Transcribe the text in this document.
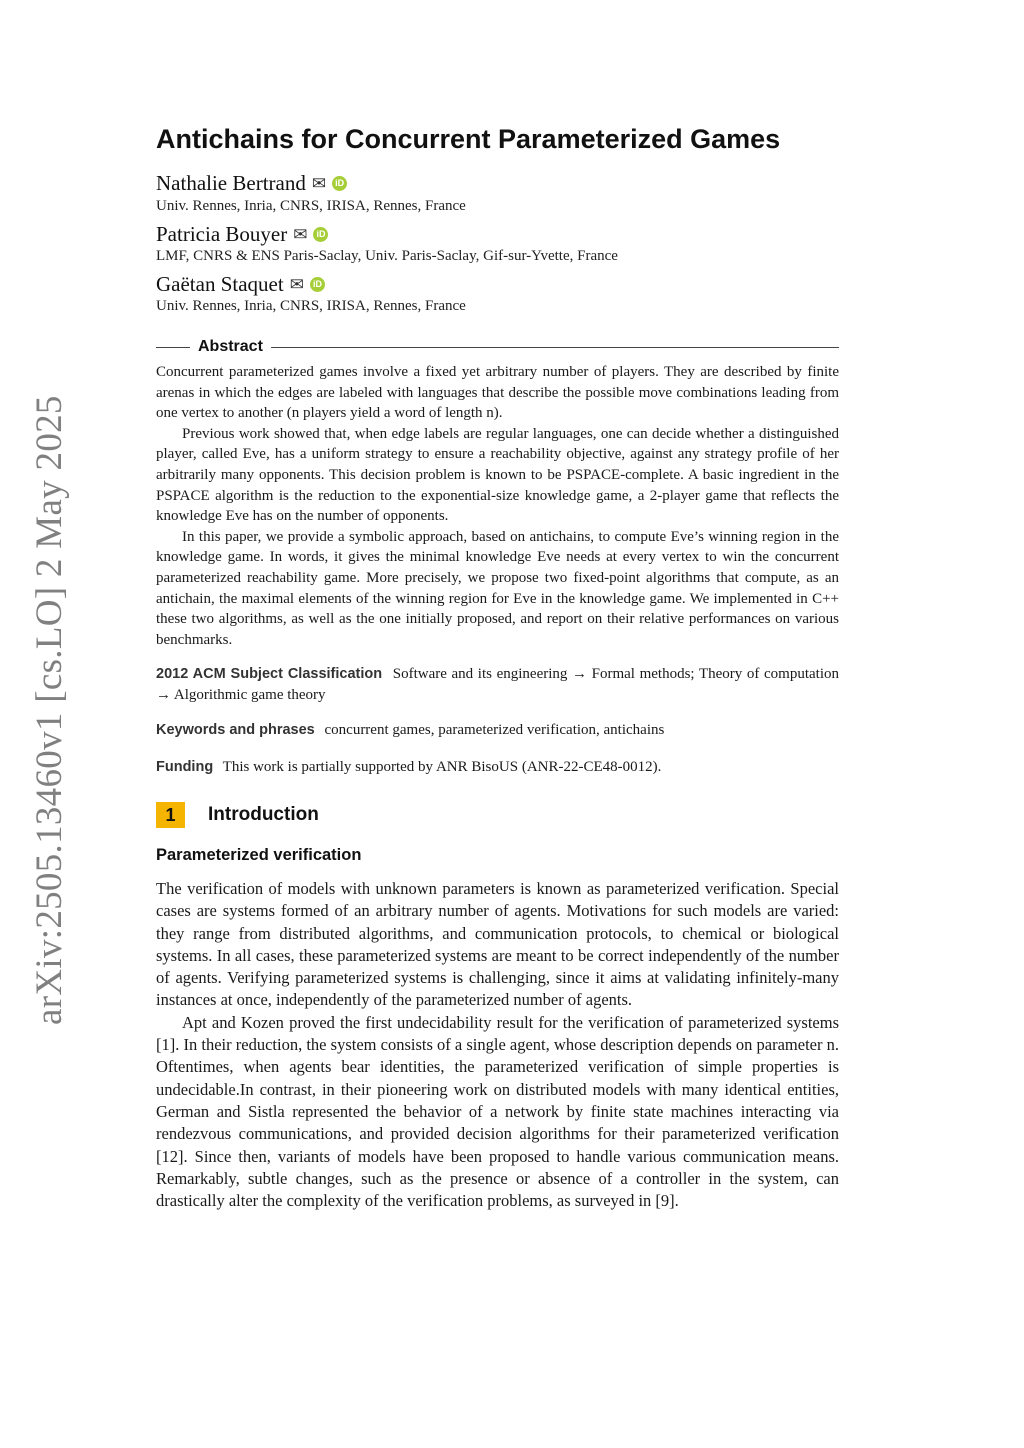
arXiv:2505.13460v1 [cs.LO] 2 May 2025
Antichains for Concurrent Parameterized Games
Nathalie Bertrand ✉	iD
Univ. Rennes, Inria, CNRS, IRISA, Rennes, France
Patricia Bouyer ✉	iD
LMF, CNRS & ENS Paris-Saclay, Univ. Paris-Saclay, Gif-sur-Yvette, France
Gaëtan Staquet ✉	iD
Univ. Rennes, Inria, CNRS, IRISA, Rennes, France
Abstract

Concurrent parameterized games involve a fixed yet arbitrary number of players. They are described by finite arenas in which the edges are labeled with languages that describe the possible move combinations leading from one vertex to another (n players yield a word of length n).

Previous work showed that, when edge labels are regular languages, one can decide whether a distinguished player, called Eve, has a uniform strategy to ensure a reachability objective, against any strategy profile of her arbitrarily many opponents. This decision problem is known to be PSPACE-complete. A basic ingredient in the PSPACE algorithm is the reduction to the exponential-size knowledge game, a 2-player game that reflects the knowledge Eve has on the number of opponents.

In this paper, we provide a symbolic approach, based on antichains, to compute Eve’s winning region in the knowledge game. In words, it gives the minimal knowledge Eve needs at every vertex to win the concurrent parameterized reachability game. More precisely, we propose two fixed-point algorithms that compute, as an antichain, the maximal elements of the winning region for Eve in the knowledge game. We implemented in C++ these two algorithms, as well as the one initially proposed, and report on their relative performances on various benchmarks.

2012 ACM Subject Classification Software and its engineering → Formal methods; Theory of computation → Algorithmic game theory
Keywords and phrases concurrent games, parameterized verification, antichains
Funding This work is partially supported by ANR BisoUS (ANR-22-CE48-0012).
1	Introduction
Parameterized verification

The verification of models with unknown parameters is known as parameterized verification. Special cases are systems formed of an arbitrary number of agents. Motivations for such models are varied: they range from distributed algorithms, and communication protocols, to chemical or biological systems. In all cases, these parameterized systems are meant to be correct independently of the number of agents. Verifying parameterized systems is challenging, since it aims at validating infinitely-many instances at once, independently of the parameterized number of agents.

Apt and Kozen proved the first undecidability result for the verification of parameterized systems [1]. In their reduction, the system consists of a single agent, whose description depends on parameter n. Oftentimes, when agents bear identities, the parameterized verification of simple properties is undecidable.In contrast, in their pioneering work on distributed models with many identical entities, German and Sistla represented the behavior of a network by finite state machines interacting via rendezvous communications, and provided decision algorithms for their parameterized verification [12]. Since then, variants of models have been proposed to handle various communication means. Remarkably, subtle changes, such as the presence or absence of a controller in the system, can drastically alter the complexity of the verification problems, as surveyed in [9].
